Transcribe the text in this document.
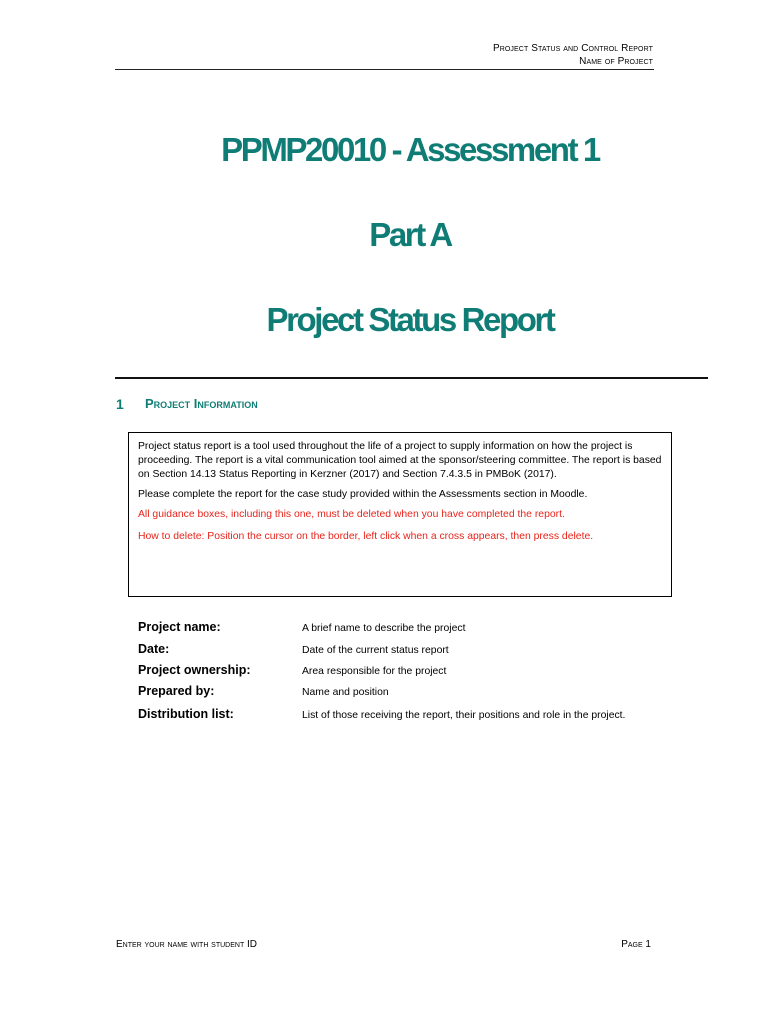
Project Status and Control Report
Name of Project
PPMP20010 - Assessment 1
Part A
Project Status Report
1 Project Information

Project status report is a tool used throughout the life of a project to supply information on how the project is proceeding. The report is a vital communication tool aimed at the sponsor/steering committee. The report is based on Section 14.13 Status Reporting in Kerzner (2017) and Section 7.4.3.5 in PMBoK (2017).

Please complete the report for the case study provided within the Assessments section in Moodle.

All guidance boxes, including this one, must be deleted when you have completed the report.

How to delete: Position the cursor on the border, left click when a cross appears, then press delete.

Project name:	A brief name to describe the project
Date:	Date of the current status report
Project ownership:	Area responsible for the project
Prepared by:	Name and position
Distribution list:	List of those receiving the report, their positions and role in the project.
Enter your name with student ID	Page 1
